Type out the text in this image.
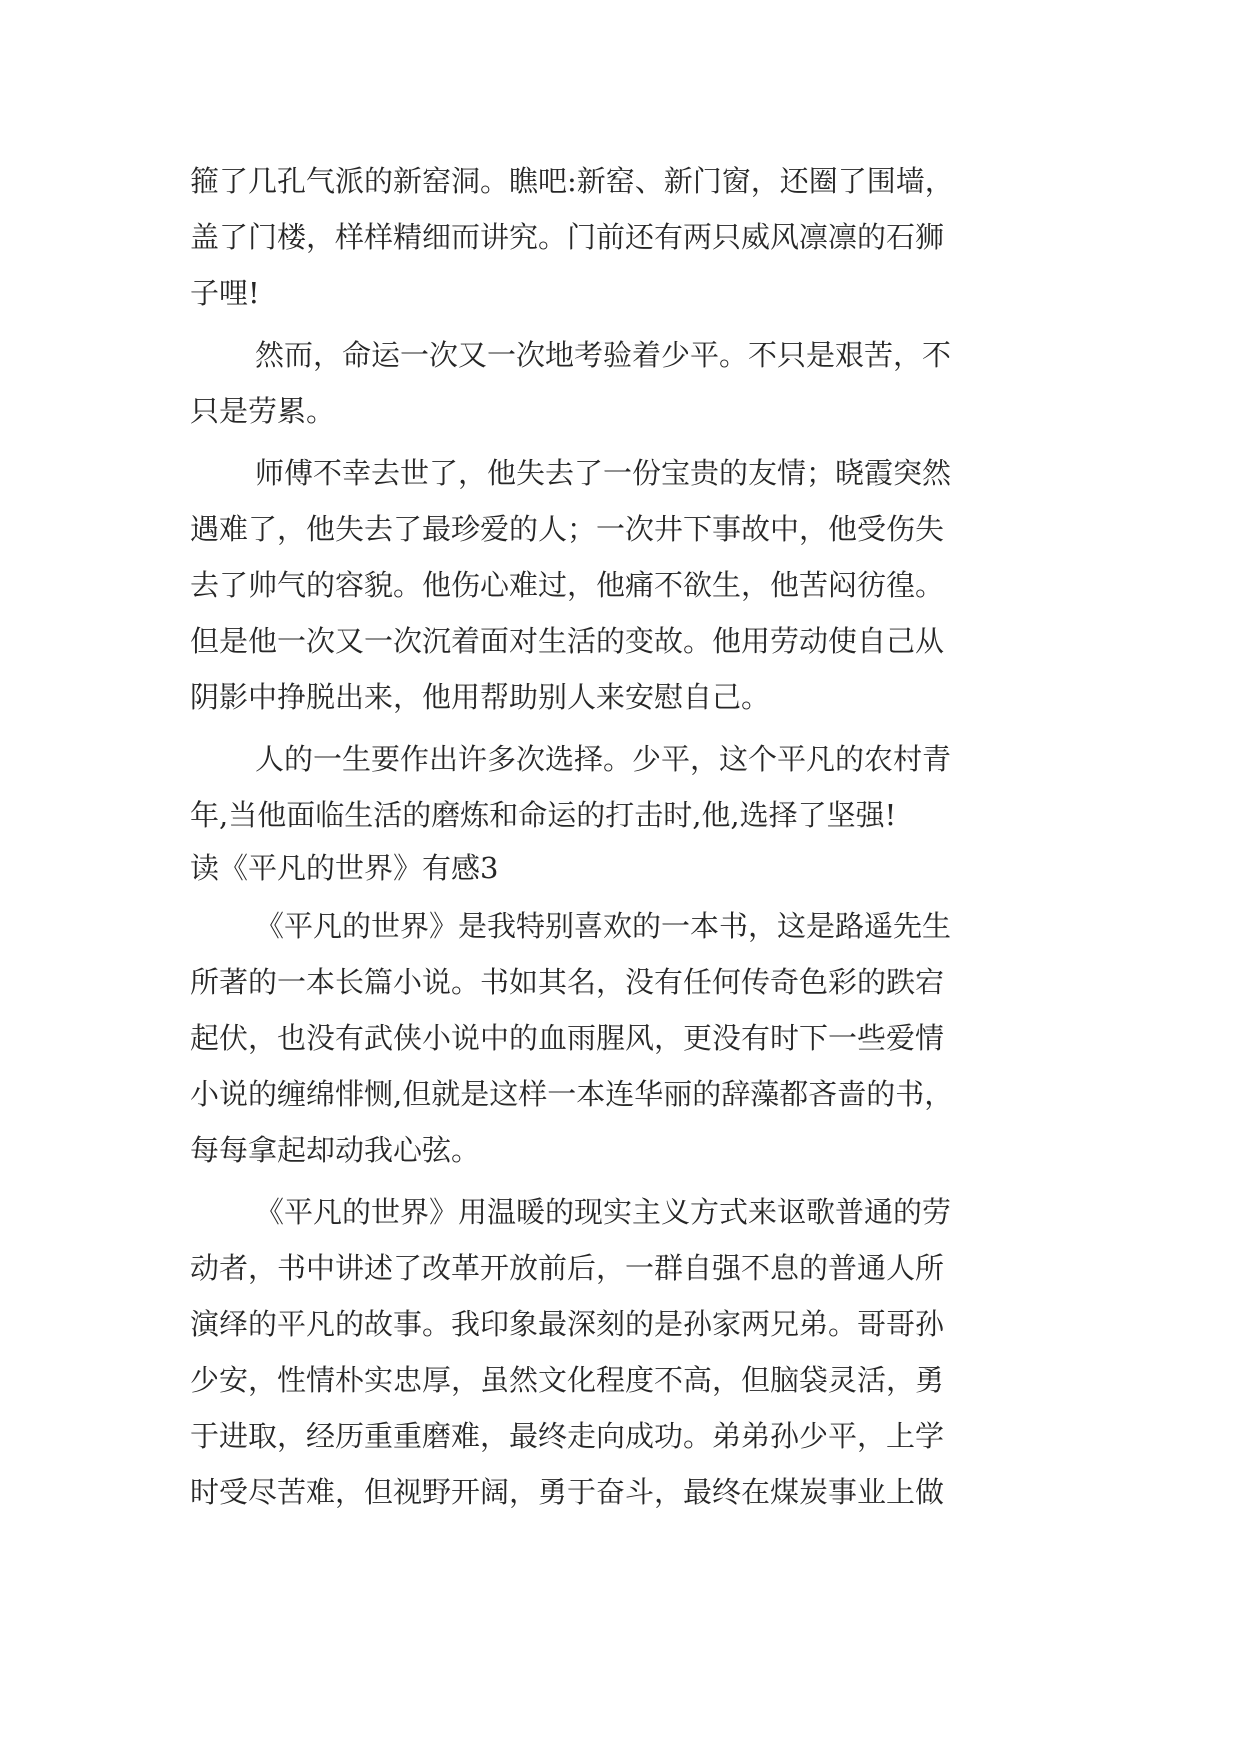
箍了几孔气派的新窑洞。瞧吧:新窑、新门窗，还圈了围墙，
盖了门楼，样样精细而讲究。门前还有两只威风凛凛的石狮
子哩!
然而，命运一次又一次地考验着少平。不只是艰苦，不
只是劳累。
师傅不幸去世了，他失去了一份宝贵的友情；晓霞突然
遇难了，他失去了最珍爱的人；一次井下事故中，他受伤失
去了帅气的容貌。他伤心难过，他痛不欲生，他苦闷彷徨。
但是他一次又一次沉着面对生活的变故。他用劳动使自己从
阴影中挣脱出来，他用帮助别人来安慰自己。
人的一生要作出许多次选择。少平，这个平凡的农村青
年,当他面临生活的磨炼和命运的打击时,他,选择了坚强!
读《平凡的世界》有感3
《平凡的世界》是我特别喜欢的一本书，这是路遥先生
所著的一本长篇小说。书如其名，没有任何传奇色彩的跌宕
起伏，也没有武侠小说中的血雨腥风，更没有时下一些爱情
小说的缠绵悱恻,但就是这样一本连华丽的辞藻都吝啬的书，
每每拿起却动我心弦。
《平凡的世界》用温暖的现实主义方式来讴歌普通的劳
动者，书中讲述了改革开放前后，一群自强不息的普通人所
演绎的平凡的故事。我印象最深刻的是孙家两兄弟。哥哥孙
少安，性情朴实忠厚，虽然文化程度不高，但脑袋灵活，勇
于进取，经历重重磨难，最终走向成功。弟弟孙少平，上学
时受尽苦难，但视野开阔，勇于奋斗，最终在煤炭事业上做
